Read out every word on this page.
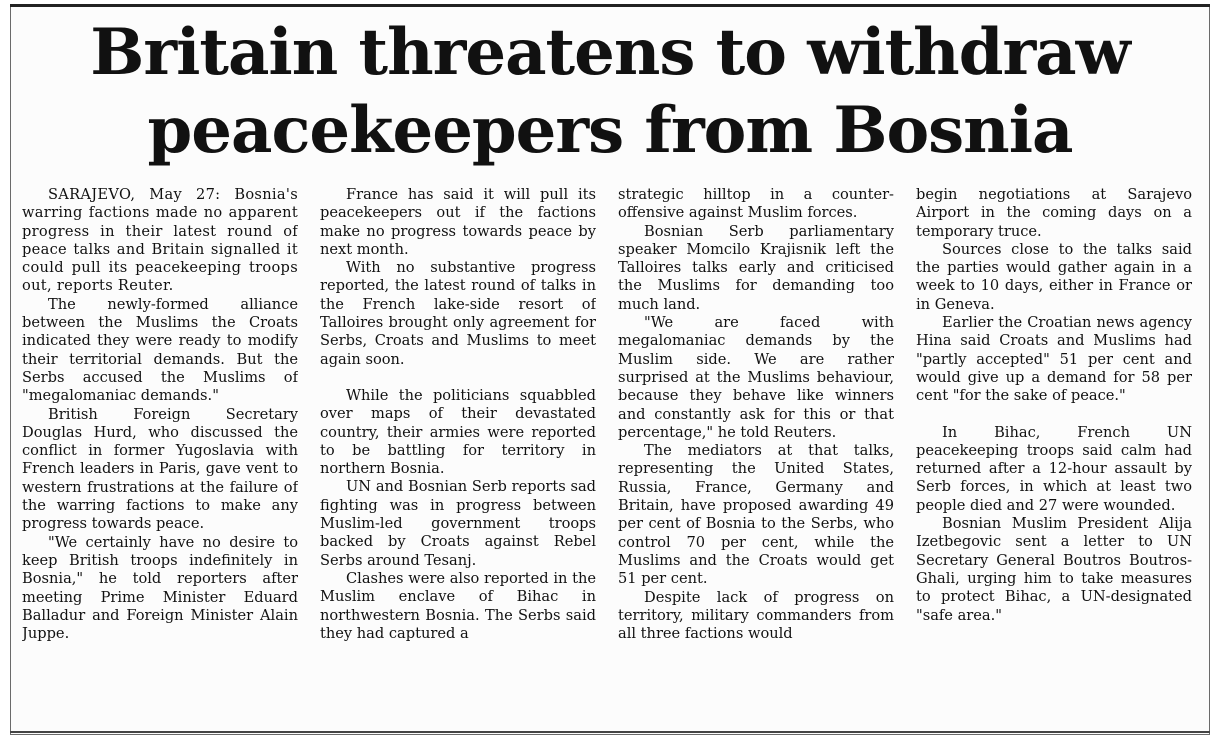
Britain threatens to withdraw
peacekeepers from Bosnia

SARAJEVO, May 27: Bosnia's warring factions made no apparent progress in their latest round of peace talks and Britain signalled it could pull its peacekeeping troops out, reports Reuter.

The newly-formed alliance between the Muslims the Croats indicated they were ready to modify their territorial demands. But the Serbs accused the Muslims of "megalomaniac demands."

British Foreign Secretary Douglas Hurd, who discussed the conflict in former Yugoslavia with French leaders in Paris, gave vent to western frustrations at the failure of the warring factions to make any progress towards peace.

"We certainly have no desire to keep British troops indefinitely in Bosnia," he told reporters after meeting Prime Minister Eduard Balladur and Foreign Minister Alain Juppe.

France has said it will pull its peacekeepers out if the factions make no progress towards peace by next month.

With no substantive progress reported, the latest round of talks in the French lake-side resort of Talloires brought only agreement for Serbs, Croats and Muslims to meet again soon.

While the politicians squabbled over maps of their devastated country, their armies were reported to be battling for territory in northern Bosnia.

UN and Bosnian Serb reports sad fighting was in progress between Muslim-led government troops backed by Croats against Rebel Serbs around Tesanj.

Clashes were also reported in the Muslim enclave of Bihac in northwestern Bosnia. The Serbs said they had captured a

strategic hilltop in a counter-offensive against Muslim forces.

Bosnian Serb parliamentary speaker Momcilo Krajisnik left the Talloires talks early and criticised the Muslims for demanding too much land.

"We are faced with megalomaniac demands by the Muslim side. We are rather surprised at the Muslims behaviour, because they behave like winners and constantly ask for this or that percentage," he told Reuters.

The mediators at that talks, representing the United States, Russia, France, Germany and Britain, have proposed awarding 49 per cent of Bosnia to the Serbs, who control 70 per cent, while the Muslims and the Croats would get 51 per cent.

Despite lack of progress on territory, military commanders from all three factions would

begin negotiations at Sarajevo Airport in the coming days on a temporary truce.

Sources close to the talks said the parties would gather again in a week to 10 days, either in France or in Geneva.

Earlier the Croatian news agency Hina said Croats and Muslims had "partly accepted" 51 per cent and would give up a demand for 58 per cent "for the sake of peace."

In Bihac, French UN peacekeeping troops said calm had returned after a 12-hour assault by Serb forces, in which at least two people died and 27 were wounded.

Bosnian Muslim President Alija Izetbegovic sent a letter to UN Secretary General Boutros Boutros-Ghali, urging him to take measures to protect Bihac, a UN-designated "safe area."
